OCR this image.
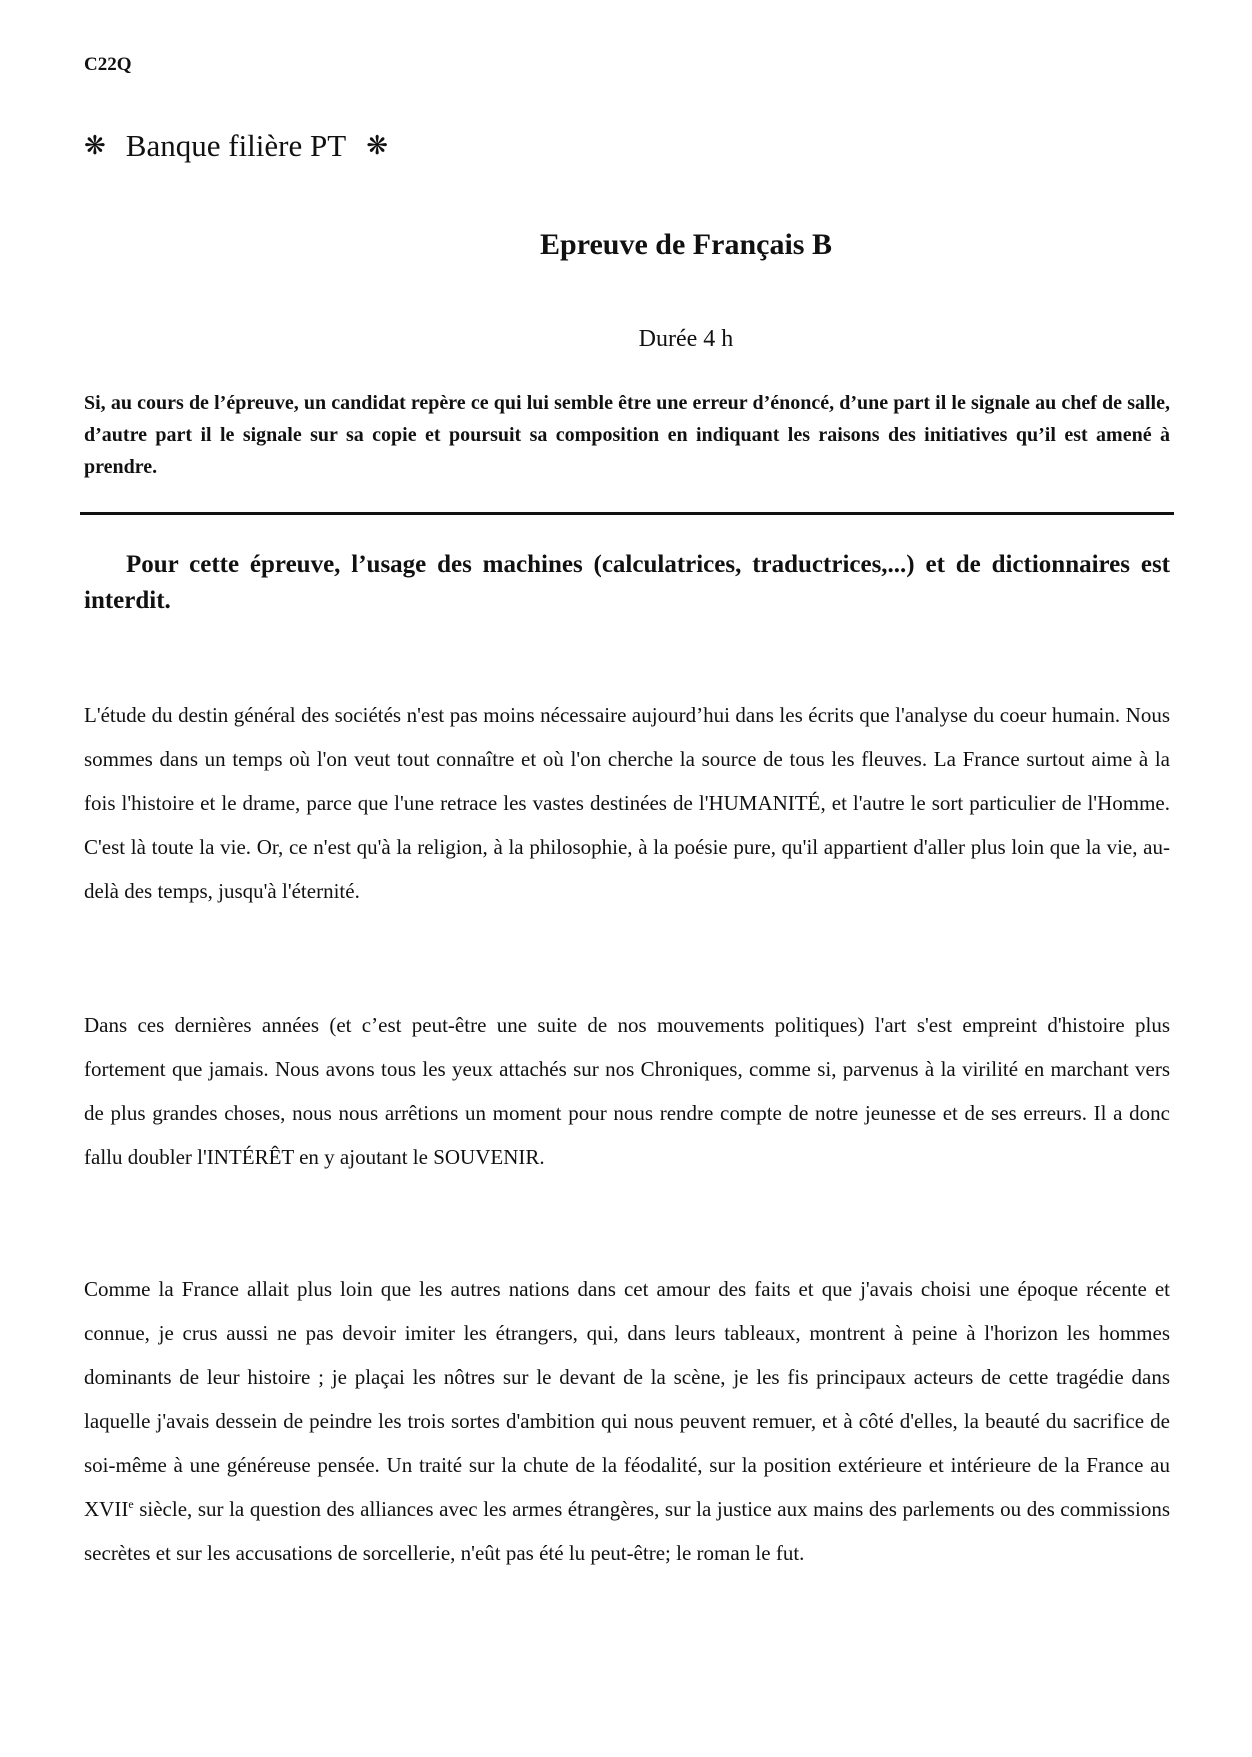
C22Q
❋ Banque filière PT ❋
Epreuve de Français B
Durée 4 h

Si, au cours de l’épreuve, un candidat repère ce qui lui semble être une erreur d’énoncé, d’une part il le signale au chef de salle, d’autre part il le signale sur sa copie et poursuit sa composition en indiquant les raisons des initiatives qu’il est amené à prendre.

Pour cette épreuve, l’usage des machines (calculatrices, traductrices,...) et de dictionnaires est interdit.

L'étude du destin général des sociétés n'est pas moins nécessaire aujourd’hui dans les écrits que l'analyse du coeur humain. Nous sommes dans un temps où l'on veut tout connaître et où l'on cherche la source de tous les fleuves. La France surtout aime à la fois l'histoire et le drame, parce que l'une retrace les vastes destinées de l'HUMANITÉ, et l'autre le sort particulier de l'Homme. C'est là toute la vie. Or, ce n'est qu'à la religion, à la philosophie, à la poésie pure, qu'il appartient d'aller plus loin que la vie, au-delà des temps, jusqu'à l'éternité.

Dans ces dernières années (et c’est peut-être une suite de nos mouvements politiques) l'art s'est empreint d'histoire plus fortement que jamais. Nous avons tous les yeux attachés sur nos Chroniques, comme si, parvenus à la virilité en marchant vers de plus grandes choses, nous nous arrêtions un moment pour nous rendre compte de notre jeunesse et de ses erreurs. Il a donc fallu doubler l'INTÉRÊT en y ajoutant le SOUVENIR.

Comme la France allait plus loin que les autres nations dans cet amour des faits et que j'avais choisi une époque récente et connue, je crus aussi ne pas devoir imiter les étrangers, qui, dans leurs tableaux, montrent à peine à l'horizon les hommes dominants de leur histoire ; je plaçai les nôtres sur le devant de la scène, je les fis principaux acteurs de cette tragédie dans laquelle j'avais dessein de peindre les trois sortes d'ambition qui nous peuvent remuer, et à côté d'elles, la beauté du sacrifice de soi-même à une généreuse pensée. Un traité sur la chute de la féodalité, sur la position extérieure et intérieure de la France au XVIIe siècle, sur la question des alliances avec les armes étrangères, sur la justice aux mains des parlements ou des commissions secrètes et sur les accusations de sorcellerie, n'eût pas été lu peut-être; le roman le fut.
